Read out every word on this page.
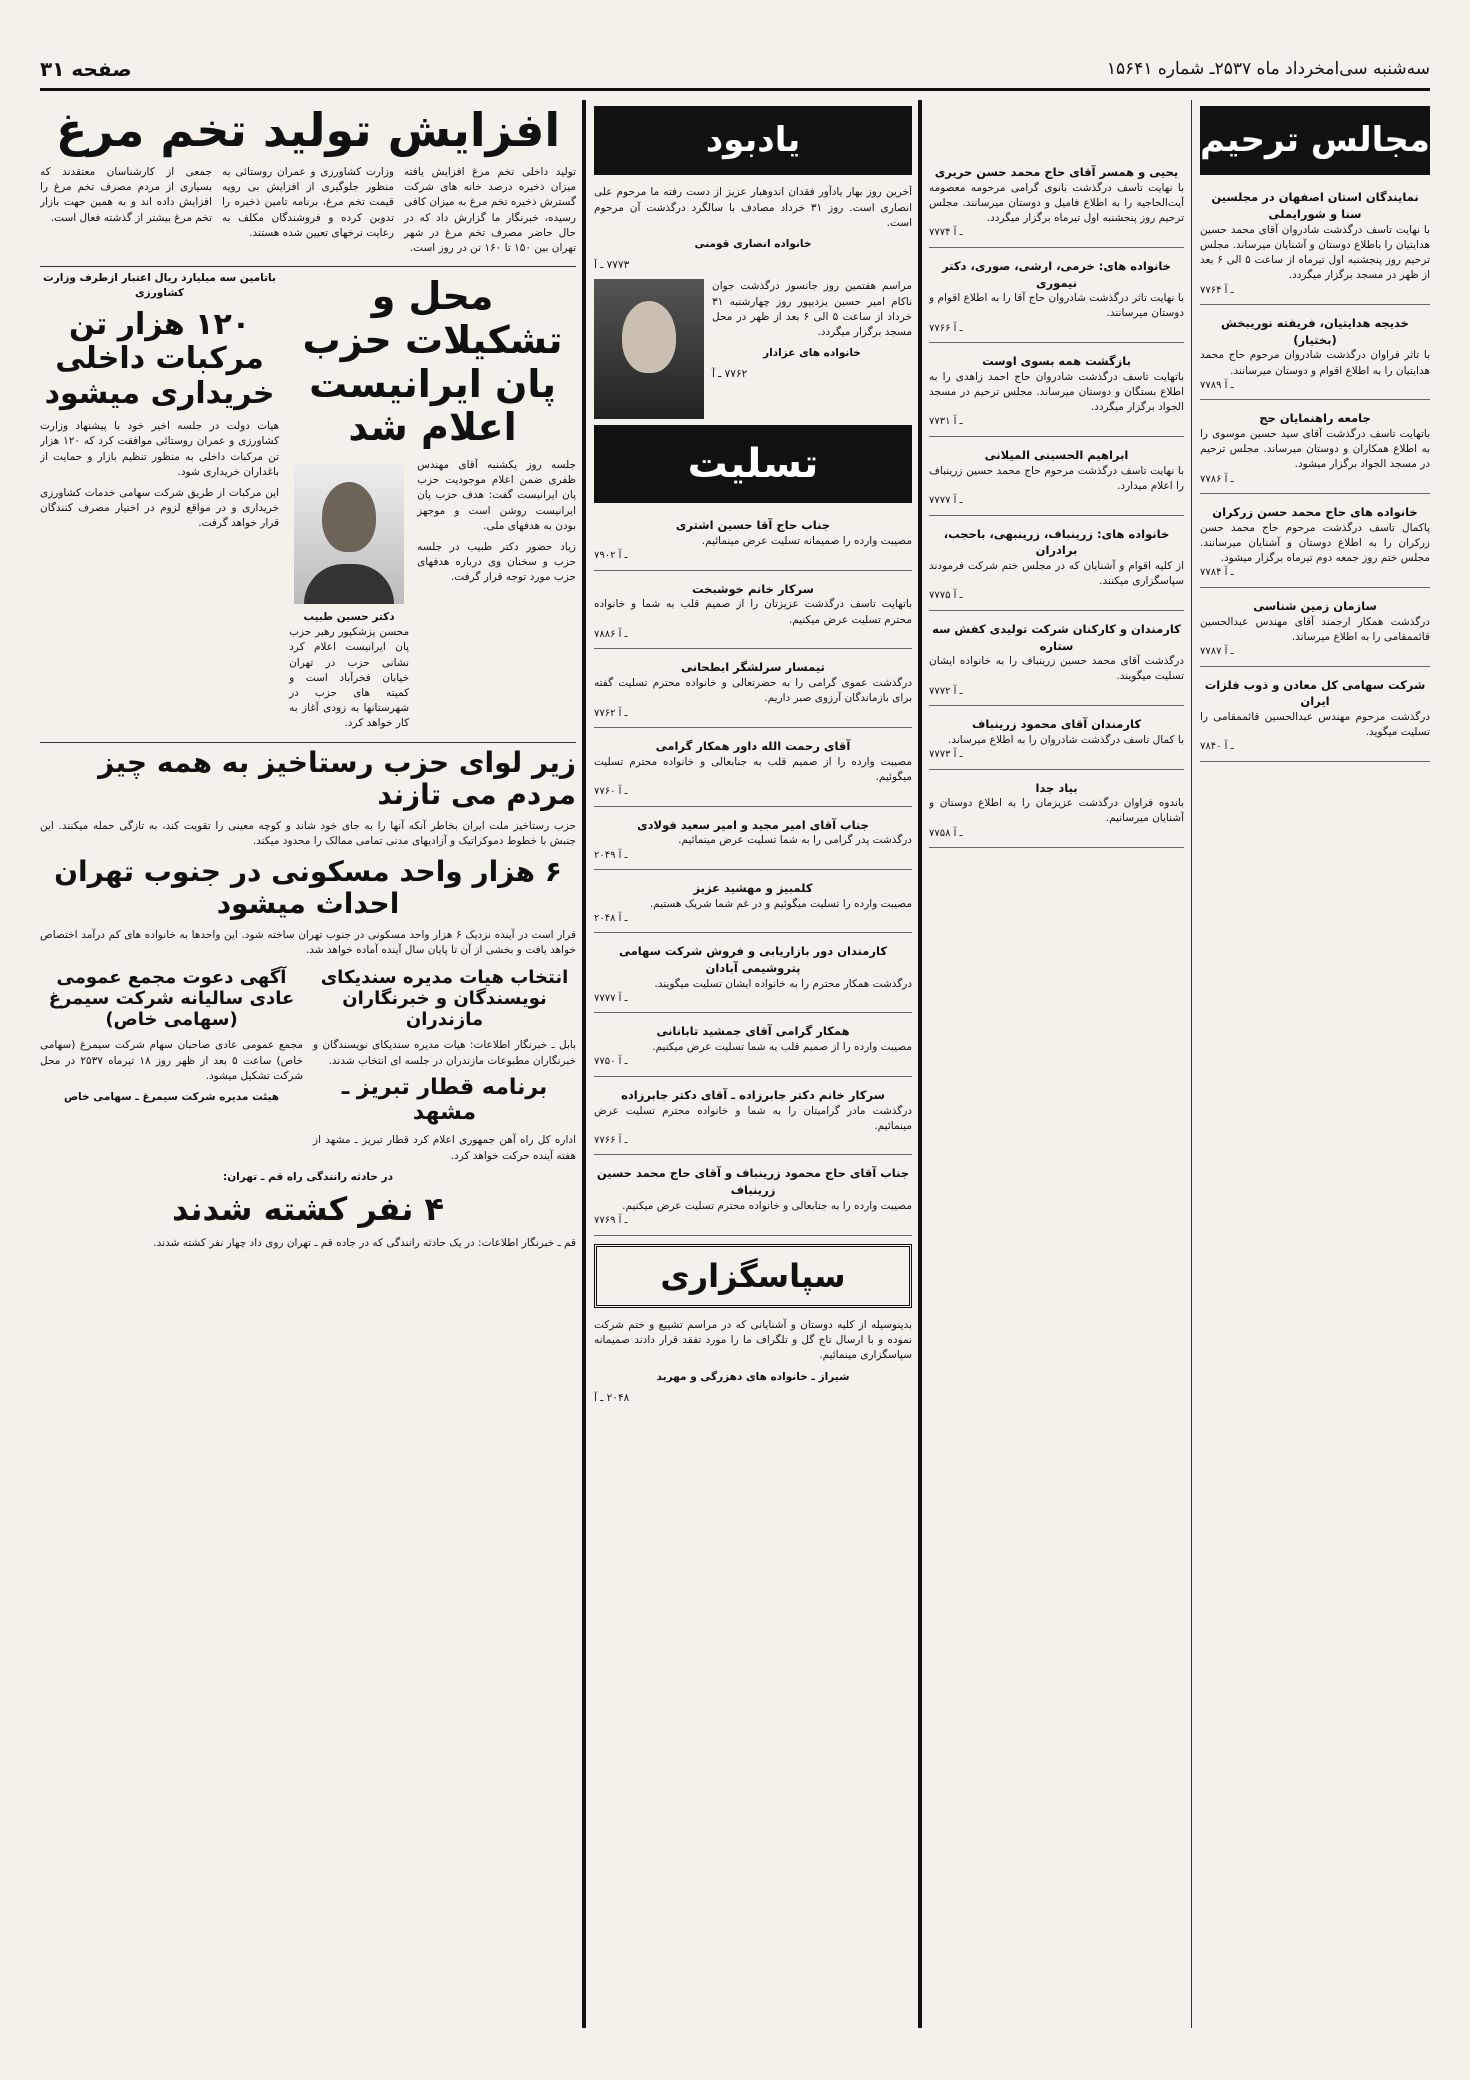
سه‌شنبه سی‌امخرداد ماه ۲۵۳۷ـ شماره ۱۵۶۴۱
صفحه ۳۱
مجالس ترحیم
نمایندگان استان اصفهان در مجلسین سنا و شورایملی
با نهایت تاسف درگذشت شادروان آقای محمد حسین هدایتیان را باطلاع دوستان و آشنایان میرساند. مجلس ترحیم روز پنجشنبه اول تیرماه از ساعت ۵ الی ۶ بعد از ظهر در مسجد برگزار میگردد.
۷۷۶۴ ـ آ
خدیجه هدایتیان، فریفته نوریبخش (بختیار)
با تاثر فراوان درگذشت شادروان مرحوم حاج محمد هدایتیان را به اطلاع اقوام و دوستان میرسانند.
۷۷۸۹ ـ آ
جامعه راهنمایان حج
باتهایت تاسف درگذشت آقای سید حسین موسوی را به اطلاع همکاران و دوستان میرساند. مجلس ترحیم در مسجد الجواد برگزار میشود.
۷۷۸۶ ـ آ
خانواده های حاج محمد حسن زرکران
پاکمال تاسف درگذشت مرحوم حاج محمد حسن زرکران را به اطلاع دوستان و آشنایان میرسانند. مجلس ختم روز جمعه دوم تیرماه برگزار میشود.
۷۷۸۴ ـ آ
سازمان زمین شناسی
درگذشت همکار ارجمند آقای مهندس عبدالحسین قائممقامی را به اطلاع میرساند.
۷۷۸۷ ـ آ
شرکت سهامی کل معادن و ذوب فلزات ایران
درگذشت مرحوم مهندس عبدالحسین قائممقامی را تسلیت میگوید.
۷۸۴۰ ـ آ
یحیی و همسر آقای حاج محمد حسن حریری
با نهایت تاسف درگذشت بانوی گرامی مرحومه معصومه آیت‌الحاجیه را به اطلاع فامیل و دوستان میرسانند. مجلس ترحیم روز پنجشنبه اول تیرماه برگزار میگردد.
۷۷۷۴ ـ آ
خانواده های: خرمی، ارشی، صوری، دکتر نیموری
با نهایت تاثر درگذشت شادروان حاج آقا را به اطلاع اقوام و دوستان میرسانند.
۷۷۶۶ ـ آ
بازگشت همه بسوی اوست
باتهایت تاسف درگذشت شادروان حاج احمد زاهدی را به اطلاع بستگان و دوستان میرساند. مجلس ترحیم در مسجد الجواد برگزار میگردد.
۷۷۳۱ ـ آ
ابراهیم الحسینی المیلانی
با نهایت تاسف درگذشت مرحوم حاج محمد حسین زرینباف را اعلام میدارد.
۷۷۷۷ ـ آ
خانواده های: زرینباف، زرینبهی، باحجب، برادران
از کلیه اقوام و آشنایان که در مجلس ختم شرکت فرمودند سپاسگزاری میکنند.
۷۷۷۵ ـ آ
کارمندان و کارکنان شرکت تولیدی کفش سه ستاره
درگذشت آقای محمد حسین زرینباف را به خانواده ایشان تسلیت میگویند.
۷۷۷۲ ـ آ
کارمندان آقای محمود زرینباف
با کمال تاسف درگذشت شادروان را به اطلاع میرساند.
۷۷۷۳ ـ آ
بیاد جدا
باندوه فراوان درگذشت عزیزمان را به اطلاع دوستان و آشنایان میرسانیم.
۷۷۵۸ ـ آ
یادبود

آخرین روز بهار یادآور فقدان اندوهبار عزیز از دست رفته ما مرحوم علی انصاری است. روز ۳۱ خرداد مصادف با سالگرد درگذشت آن مرحوم است.

خانواده انصاری قومنی

۷۷۷۳ ـ آ

مراسم هفتمین روز جانسوز درگذشت جوان ناکام امیر حسین یزدیپور روز چهارشنبه ۳۱ خرداد از ساعت ۵ الی ۶ بعد از ظهر در محل مسجد برگزار میگردد.

خانواده های عزادار

۷۷۶۲ ـ آ

تسلیت
جناب حاج آقا حسین اشتری
مصیبت وارده را صمیمانه تسلیت عرض مینمائیم.
۷۹۰۲ ـ آ
سرکار خانم خوشبخت
باتهایت تاسف درگذشت عزیزتان را از صمیم قلب به شما و خانواده محترم تسلیت عرض میکنیم.
۷۸۸۶ ـ آ
تیمسار سرلشگر ابطحانی
درگذشت عموی گرامی را به حضرتعالی و خانواده محترم تسلیت گفته برای بازماندگان آرزوی صبر داریم.
۷۷۶۲ ـ آ
آقای رحمت الله داور همکار گرامی
مصیبت وارده را از صمیم قلب به جنابعالی و خانواده محترم تسلیت میگوئیم.
۷۷۶۰ ـ آ
جناب آقای امیر مجید و امیر سعید فولادی
درگذشت پدر گرامی را به شما تسلیت عرض مینمائیم.
۲۰۴۹ ـ آ
کلمبیز و مهشید عزیز
مصیبت وارده را تسلیت میگوئیم و در غم شما شریک هستیم.
۲۰۴۸ ـ آ
کارمندان دور بازاریابی و فروش شرکت سهامی پتروشیمی آبادان
درگذشت همکار محترم را به خانواده ایشان تسلیت میگویند.
۷۷۷۷ ـ آ
همکار گرامی آقای جمشید تابانانی
مصیبت وارده را از صمیم قلب به شما تسلیت عرض میکنیم.
۷۷۵۰ ـ آ
سرکار خانم دکتر جابرزاده ـ آقای دکتر جابرزاده
درگذشت مادر گرامیتان را به شما و خانواده محترم تسلیت عرض مینمائیم.
۷۷۶۶ ـ آ
جناب آقای حاج محمود زرینباف و آقای حاج محمد حسین زرینباف
مصیبت وارده را به جنابعالی و خانواده محترم تسلیت عرض میکنیم.
۷۷۶۹ ـ آ
سپاسگزاری

بدینوسیله از کلیه دوستان و آشنایانی که در مراسم تشییع و ختم شرکت نموده و با ارسال تاج گل و تلگراف ما را مورد تفقد قرار دادند صمیمانه سپاسگزاری مینمائیم.

شیراز ـ خانواده های دهزرگی و مهربد

۲۰۴۸ ـ آ

افزایش تولید تخم مرغ

تولید داخلی تخم مرغ افزایش یافته میزان ذخیره درصد خانه های شرکت گسترش ذخیره تخم مرغ به میزان کافی رسیده، خبرنگار ما گزارش داد که در حال حاضر مصرف تخم مرغ در شهر تهران بین ۱۵۰ تا ۱۶۰ تن در روز است.

وزارت کشاورزی و عمران روستائی به منظور جلوگیری از افزایش بی رویه قیمت تخم مرغ، برنامه تامین ذخیره را تدوین کرده و فروشندگان مکلف به رعایت نرخهای تعیین شده هستند.

جمعی از کارشناسان معتقدند که بسیاری از مردم مصرف تخم مرغ را افزایش داده اند و به همین جهت بازار تخم مرغ بیشتر از گذشته فعال است.

محل و تشکیلات حزب پان ایرانیست اعلام شد

جلسه روز یکشنبه آقای مهندس ظفری ضمن اعلام موجودیت حزب پان ایرانیست گفت: هدف حزب پان ایرانیست روشن است و موجهز بودن به هدفهای ملی.

زیاد حضور دکتر طبیب در جلسه حزب و سخنان وی درباره هدفهای حزب مورد توجه قرار گرفت.

دکتر حسین طبیب

محسن پزشکپور رهبر حزب پان ایرانیست اعلام کرد نشانی حزب در تهران خیابان فخر‌آباد است و کمیته های حزب در شهرستانها به زودی آغاز به کار خواهد کرد.

باتامین سه میلیارد ریال اعتبار ازطرف وزارت کشاورزی

۱۲۰ هزار تن مرکبات داخلی خریداری میشود

هیات دولت در جلسه اخیر خود با پیشنهاد وزارت کشاورزی و عمران روستائی موافقت کرد که ۱۲۰ هزار تن مرکبات داخلی به منظور تنظیم بازار و حمایت از باغداران خریداری شود.

این مرکبات از طریق شرکت سهامی خدمات کشاورزی خریداری و در مواقع لزوم در اختیار مصرف کنندگان قرار خواهد گرفت.

زیر لوای حزب رستاخیز به همه چیز مردم می تازند

حزب رستاخیز ملت ایران بخاطر آنکه آنها را به جای خود شاند و کوچه معینی را تقویت کند، به تازگی حمله میکنند. این جنبش با خطوط دموکراتیک و آزادیهای مدنی تمامی ممالک را محدود میکند.

۶ هزار واحد مسکونی در جنوب تهران احداث میشود

قرار است در آینده نزدیک ۶ هزار واحد مسکونی در جنوب تهران ساخته شود. این واحدها به خانواده های کم درآمد اختصاص خواهد یافت و بخشی از آن تا پایان سال آینده آماده خواهد شد.

انتخاب هیات مدیره سندیکای نویسندگان و خبرنگاران مازندران

بابل ـ خبرنگار اطلاعات: هیات مدیره سندیکای نویسندگان و خبرنگاران مطبوعات مازندران در جلسه ای انتخاب شدند.

برنامه قطار تبریز ـ مشهد

اداره کل راه آهن جمهوری اعلام کرد قطار تبریز ـ مشهد از هفته آینده حرکت خواهد کرد.

آگهی دعوت مجمع عمومی عادی سالیانه شرکت سیمرغ (سهامی خاص)

مجمع عمومی عادی صاحبان سهام شرکت سیمرغ (سهامی خاص) ساعت ۵ بعد از ظهر روز ۱۸ تیرماه ۲۵۳۷ در محل شرکت تشکیل میشود.

هیئت مدیره شرکت سیمرغ ـ سهامی خاص

در حادثه رانندگی راه قم ـ تهران:

۴ نفر کشته شدند

قم ـ خبرنگار اطلاعات: در یک حادثه رانندگی که در جاده قم ـ تهران روی داد چهار نفر کشته شدند.
